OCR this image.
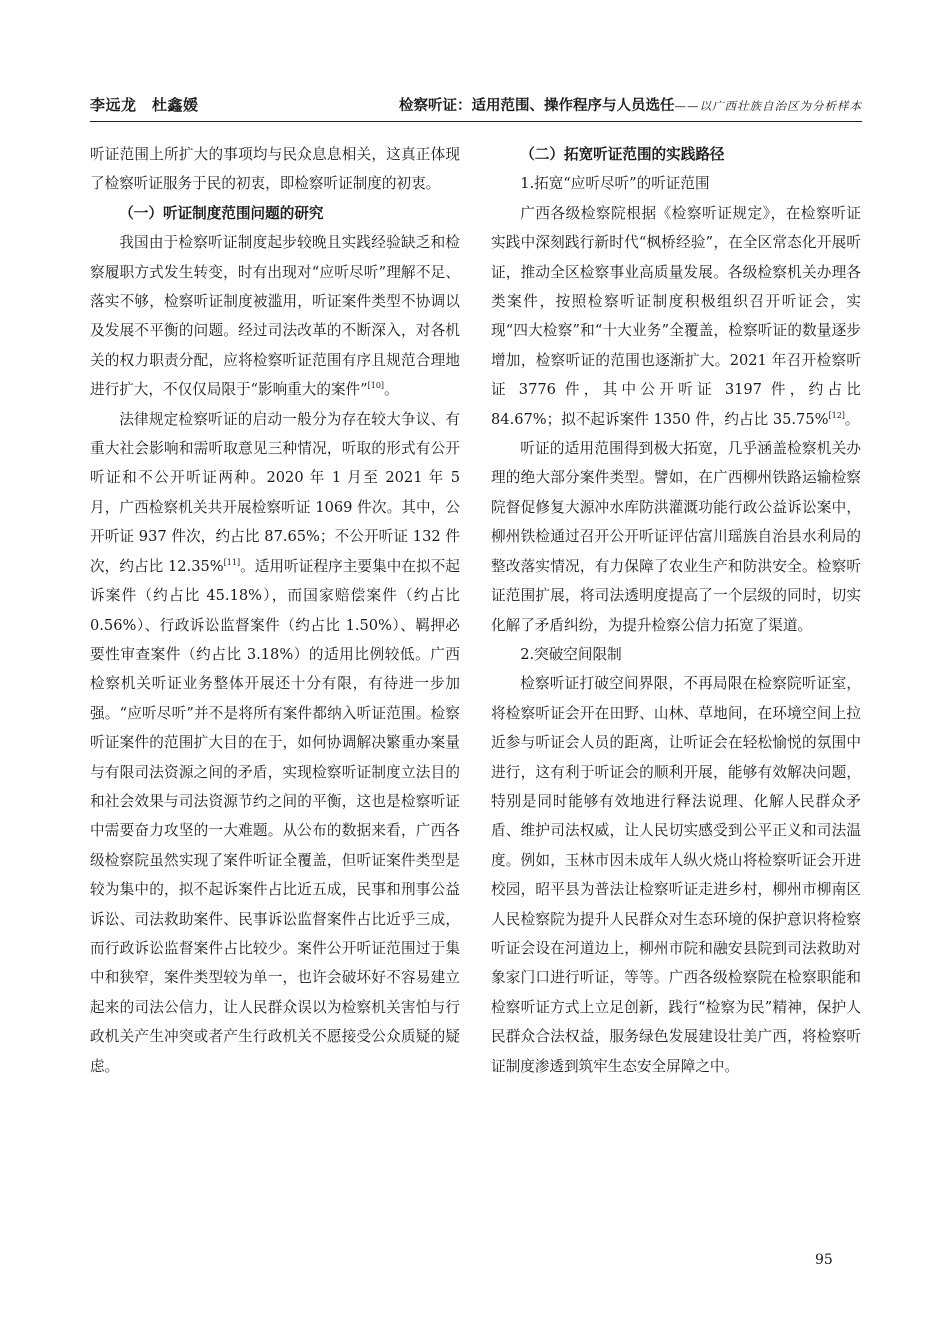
李远龙　杜鑫媛	检察听证：适用范围、操作程序与人员选任——以广西壮族自治区为分析样本

听证范围上所扩大的事项均与民众息息相关，这真正体现了检察听证服务于民的初衷，即检察听证制度的初衷。

（一）听证制度范围问题的研究

我国由于检察听证制度起步较晚且实践经验缺乏和检察履职方式发生转变，时有出现对“应听尽听”理解不足、落实不够，检察听证制度被滥用，听证案件类型不协调以及发展不平衡的问题。经过司法改革的不断深入，对各机关的权力职责分配，应将检察听证范围有序且规范合理地进行扩大，不仅仅局限于“影响重大的案件”[10]。

法律规定检察听证的启动一般分为存在较大争议、有重大社会影响和需听取意见三种情况，听取的形式有公开听证和不公开听证两种。2020 年 1 月至 2021 年 5 月，广西检察机关共开展检察听证 1069 件次。其中，公开听证 937 件次，约占比 87.65%；不公开听证 132 件次，约占比 12.35%[11]。适用听证程序主要集中在拟不起诉案件（约占比 45.18%），而国家赔偿案件（约占比 0.56%）、行政诉讼监督案件（约占比 1.50%）、羁押必要性审查案件（约占比 3.18%）的适用比例较低。广西检察机关听证业务整体开展还十分有限，有待进一步加强。“应听尽听”并不是将所有案件都纳入听证范围。检察听证案件的范围扩大目的在于，如何协调解决繁重办案量与有限司法资源之间的矛盾，实现检察听证制度立法目的和社会效果与司法资源节约之间的平衡，这也是检察听证中需要奋力攻坚的一大难题。从公布的数据来看，广西各级检察院虽然实现了案件听证全覆盖，但听证案件类型是较为集中的，拟不起诉案件占比近五成，民事和刑事公益诉讼、司法救助案件、民事诉讼监督案件占比近乎三成，而行政诉讼监督案件占比较少。案件公开听证范围过于集中和狭窄，案件类型较为单一，也许会破坏好不容易建立起来的司法公信力，让人民群众误以为检察机关害怕与行政机关产生冲突或者产生行政机关不愿接受公众质疑的疑虑。

（二）拓宽听证范围的实践路径
1.拓宽“应听尽听”的听证范围

广西各级检察院根据《检察听证规定》，在检察听证实践中深刻践行新时代“枫桥经验”，在全区常态化开展听证，推动全区检察事业高质量发展。各级检察机关办理各类案件，按照检察听证制度积极组织召开听证会，实现“四大检察”和“十大业务”全覆盖，检察听证的数量逐步增加，检察听证的范围也逐渐扩大。2021 年召开检察听证 3776 件，其中公开听证 3197 件，约占比 84.67%；拟不起诉案件 1350 件，约占比 35.75%[12]。

听证的适用范围得到极大拓宽，几乎涵盖检察机关办理的绝大部分案件类型。譬如，在广西柳州铁路运输检察院督促修复大源冲水库防洪灌溉功能行政公益诉讼案中，柳州铁检通过召开公开听证评估富川瑶族自治县水利局的整改落实情况，有力保障了农业生产和防洪安全。检察听证范围扩展，将司法透明度提高了一个层级的同时，切实化解了矛盾纠纷，为提升检察公信力拓宽了渠道。

2.突破空间限制

检察听证打破空间界限，不再局限在检察院听证室，将检察听证会开在田野、山林、草地间，在环境空间上拉近参与听证会人员的距离，让听证会在轻松愉悦的氛围中进行，这有利于听证会的顺利开展，能够有效解决问题，特别是同时能够有效地进行释法说理、化解人民群众矛盾、维护司法权威，让人民切实感受到公平正义和司法温度。例如，玉林市因未成年人纵火烧山将检察听证会开进校园，昭平县为普法让检察听证走进乡村，柳州市柳南区人民检察院为提升人民群众对生态环境的保护意识将检察听证会设在河道边上，柳州市院和融安县院到司法救助对象家门口进行听证，等等。广西各级检察院在检察职能和检察听证方式上立足创新，践行“检察为民”精神，保护人民群众合法权益，服务绿色发展建设壮美广西，将检察听证制度渗透到筑牢生态安全屏障之中。

95
